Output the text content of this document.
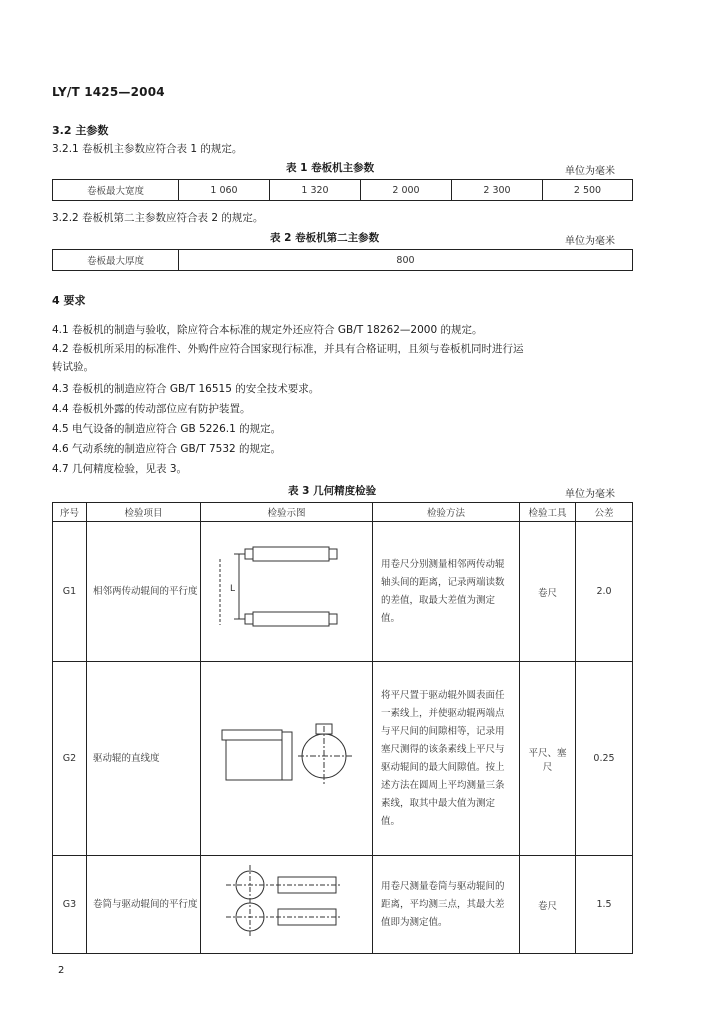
LY/T 1425—2004
3.2 主参数
3.2.1 卷板机主参数应符合表 1 的规定。
表 1 卷板机主参数	单位为毫米
卷板最大宽度	1 060	1 320	2 000	2 300	2 500
3.2.2 卷板机第二主参数应符合表 2 的规定。
表 2 卷板机第二主参数	单位为毫米
卷板最大厚度	800
4 要求
4.1 卷板机的制造与验收，除应符合本标准的规定外还应符合 GB/T 18262—2000 的规定。
4.2 卷板机所采用的标准件、外购件应符合国家现行标准，并具有合格证明，且须与卷板机同时进行运
转试验。
4.3 卷板机的制造应符合 GB/T 16515 的安全技术要求。
4.4 卷板机外露的传动部位应有防护装置。
4.5 电气设备的制造应符合 GB 5226.1 的规定。
4.6 气动系统的制造应符合 GB/T 7532 的规定。
4.7 几何精度检验，见表 3。
表 3 几何精度检验	单位为毫米
序号	检验项目	检验示图	检验方法	检验工具	公差
G1	相邻两传动辊间的平行度	L	用卷尺分别测量相邻两传动辊轴头间的距离，记录两端读数的差值，取最大差值为测定值。	卷尺	2.0
G2	驱动辊的直线度		将平尺置于驱动辊外圆表面任一素线上，并使驱动辊两端点与平尺间的间隙相等，记录用塞尺测得的该条素线上平尺与驱动辊间的最大间隙值。按上述方法在圆周上平均测量三条素线，取其中最大值为测定值。	平尺、塞尺	0.25
G3	卷筒与驱动辊间的平行度		用卷尺测量卷筒与驱动辊间的距离，平均测三点，其最大差值即为测定值。	卷尺	1.5
2
